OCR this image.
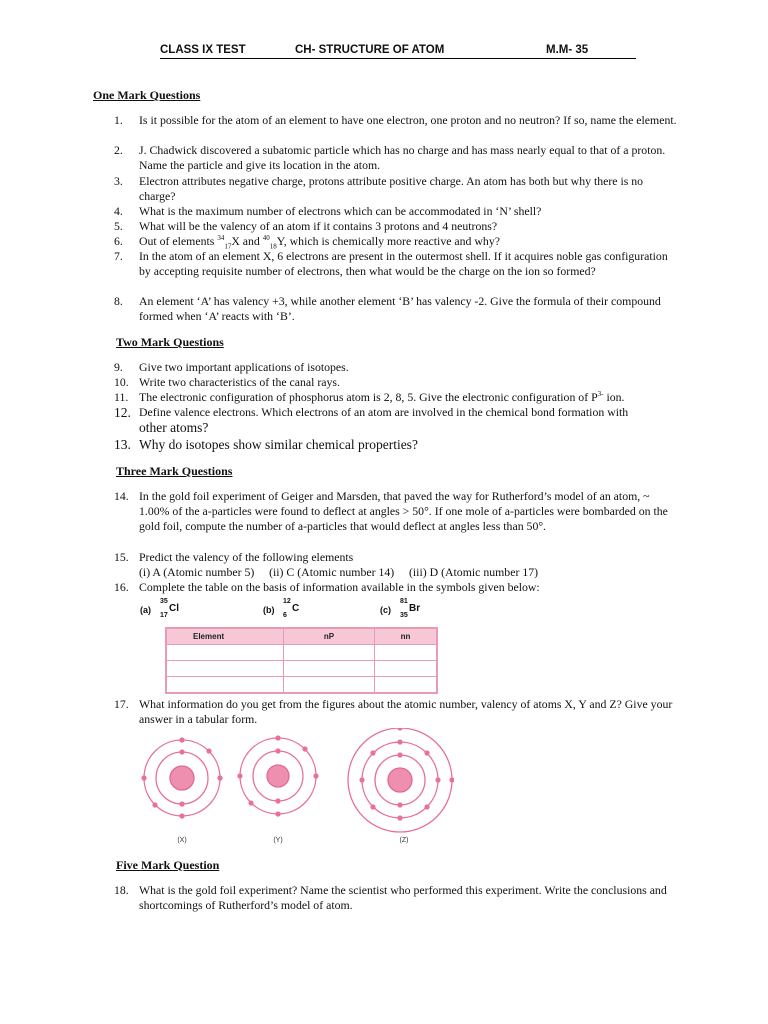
CLASS IX TEST	CH- STRUCTURE OF ATOM	M.M- 35
One Mark Questions
1.	Is it possible for the atom of an element to have one electron, one proton and no neutron? If so, name the element.
2.	J. Chadwick discovered a subatomic particle which has no charge and has mass nearly equal to that of a proton. Name the particle and give its location in the atom.
3.	Electron attributes negative charge, protons attribute positive charge. An atom has both but why there is no charge?
4.	What is the maximum number of electrons which can be accommodated in ‘N’ shell?
5.	What will be the valency of an atom if it contains 3 protons and 4 neutrons?
6.	Out of elements $^{34}_{17}$X and $^{40}_{18}$Y, which is chemically more reactive and why?
7.	In the atom of an element X, 6 electrons are present in the outermost shell. If it acquires noble gas configuration by accepting requisite number of electrons, then what would be the charge on the ion so formed?
8.	An element ‘A’ has valency +3, while another element ‘B’ has valency -2. Give the formula of their compound formed when ‘A’ reacts with ‘B’.
Two Mark Questions
9.	Give two important applications of isotopes.
10. Write two characteristics of the canal rays.
11. The electronic configuration of phosphorus atom is 2, 8, 5. Give the electronic configuration of $P^{3-}$ ion.
12. Define valence electrons. Which electrons of an atom are involved in the chemical bond formation with
other atoms?
13. Why do isotopes show similar chemical properties?
Three Mark Questions
14. In the gold foil experiment of Geiger and Marsden, that paved the way for Rutherford’s model of an atom, ~ 1.00% of the a-particles were found to deflect at angles > 50°. If one mole of a-particles were bombarded on the gold foil, compute the number of a-particles that would deflect at angles less than 50°.
15. Predict the valency of the following elements
(i) A (Atomic number 5)     (ii) C (Atomic number 14)     (iii) D (Atomic number 17)
16. Complete the table on the basis of information available in the symbols given below:
(a)
35
17
Cl	(b)
12
6
C	(c)
81
35
Br
Element	nP	nn

17. What information do you get from the figures about the atomic number, valency of atoms X, Y and Z? Give your answer in a tabular form.
(X)	(Y)	(Z)
Five Mark Question
18. What is the gold foil experiment? Name the scientist who performed this experiment. Write the conclusions and shortcomings of Rutherford’s model of atom.
